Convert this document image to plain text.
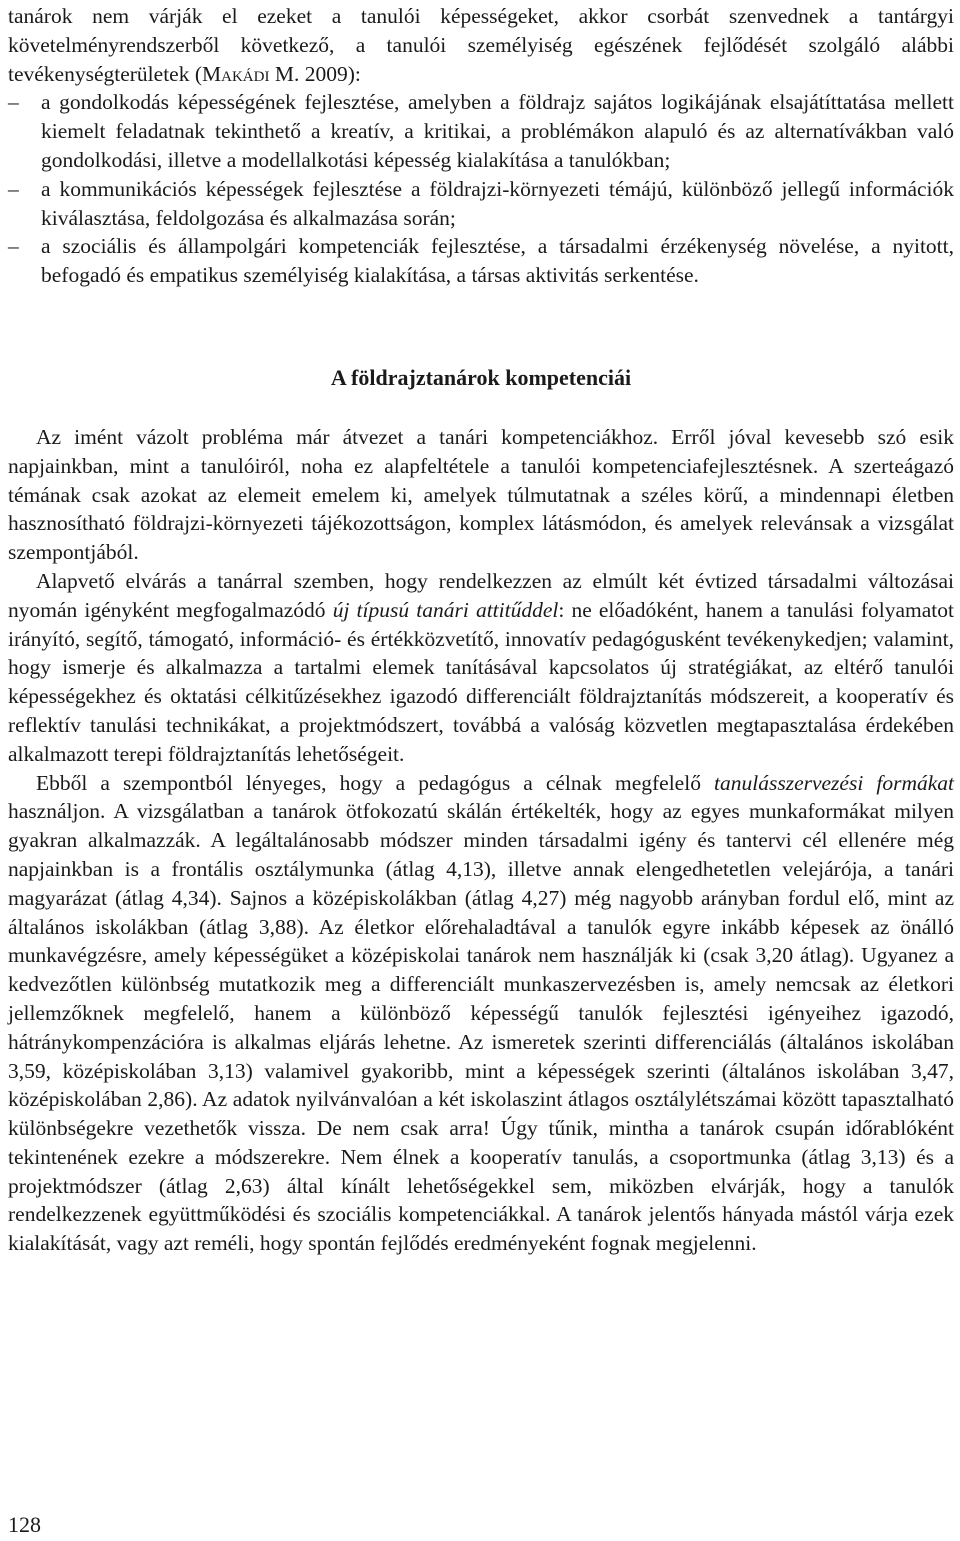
tanárok nem várják el ezeket a tanulói képességeket, akkor csorbát szenvednek a tantárgyi követelményrendszerből következő, a tanulói személyiség egészének fejlődését szolgáló alábbi tevékenységterületek (Makádi M. 2009):

– a gondolkodás képességének fejlesztése, amelyben a földrajz sajátos logikájának elsajátíttatása mellett kiemelt feladatnak tekinthető a kreatív, a kritikai, a problémákon alapuló és az alternatívákban való gondolkodási, illetve a modellalkotási képesség kialakítása a tanulókban;
– a kommunikációs képességek fejlesztése a földrajzi-környezeti témájú, különböző jellegű információk kiválasztása, feldolgozása és alkalmazása során;
– a szociális és állampolgári kompetenciák fejlesztése, a társadalmi érzékenység növelése, a nyitott, befogadó és empatikus személyiség kialakítása, a társas aktivitás serkentése.
A földrajztanárok kompetenciái

Az imént vázolt probléma már átvezet a tanári kompetenciákhoz. Erről jóval kevesebb szó esik napjainkban, mint a tanulóiról, noha ez alapfeltétele a tanulói kompetenciafejlesztésnek. A szerteágazó témának csak azokat az elemeit emelem ki, amelyek túlmutatnak a széles körű, a mindennapi életben hasznosítható földrajzi-környezeti tájékozottságon, komplex látásmódon, és amelyek relevánsak a vizsgálat szempontjából.

Alapvető elvárás a tanárral szemben, hogy rendelkezzen az elmúlt két évtized társadalmi változásai nyomán igényként megfogalmazódó új típusú tanári attitűddel: ne előadóként, hanem a tanulási folyamatot irányító, segítő, támogató, információ- és értékközvetítő, innovatív pedagógusként tevékenykedjen; valamint, hogy ismerje és alkalmazza a tartalmi elemek tanításával kapcsolatos új stratégiákat, az eltérő tanulói képességekhez és oktatási célkitűzésekhez igazodó differenciált földrajztanítás módszereit, a kooperatív és reflektív tanulási technikákat, a projektmódszert, továbbá a valóság közvetlen megtapasztalása érdekében alkalmazott terepi földrajztanítás lehetőségeit.

Ebből a szempontból lényeges, hogy a pedagógus a célnak megfelelő tanulásszervezési formákat használjon. A vizsgálatban a tanárok ötfokozatú skálán értékelték, hogy az egyes munkaformákat milyen gyakran alkalmazzák. A legáltalánosabb módszer minden társadalmi igény és tantervi cél ellenére még napjainkban is a frontális osztálymunka (átlag 4,13), illetve annak elengedhetetlen velejárója, a tanári magyarázat (átlag 4,34). Sajnos a középiskolákban (átlag 4,27) még nagyobb arányban fordul elő, mint az általános iskolákban (átlag 3,88). Az életkor előrehaladtával a tanulók egyre inkább képesek az önálló munkavégzésre, amely képességüket a középiskolai tanárok nem használják ki (csak 3,20 átlag). Ugyanez a kedvezőtlen különbség mutatkozik meg a differenciált munkaszervezésben is, amely nemcsak az életkori jellemzőknek megfelelő, hanem a különböző képességű tanulók fejlesztési igényeihez igazodó, hátránykompenzációra is alkalmas eljárás lehetne. Az ismeretek szerinti differenciálás (általános iskolában 3,59, középiskolában 3,13) valamivel gyakoribb, mint a képességek szerinti (általános iskolában 3,47, középiskolában 2,86). Az adatok nyilvánvalóan a két iskolaszint átlagos osztálylétszámai között tapasztalható különbségekre vezethetők vissza. De nem csak arra! Úgy tűnik, mintha a tanárok csupán időrablóként tekintenének ezekre a módszerekre. Nem élnek a kooperatív tanulás, a csoportmunka (átlag 3,13) és a projektmódszer (átlag 2,63) által kínált lehetőségekkel sem, miközben elvárják, hogy a tanulók rendelkezzenek együttműködési és szociális kompetenciákkal. A tanárok jelentős hányada mástól várja ezek kialakítását, vagy azt reméli, hogy spontán fejlődés eredményeként fognak megjelenni.

128
